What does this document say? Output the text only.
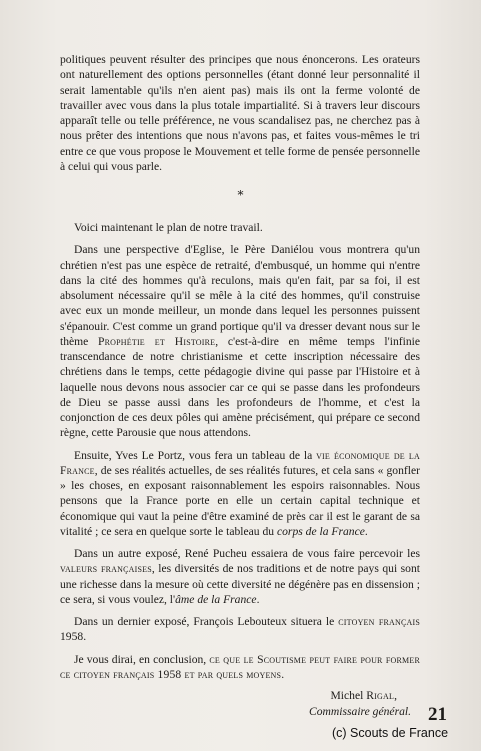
politiques peuvent résulter des principes que nous énoncerons. Les orateurs ont naturellement des options personnelles (étant donné leur personnalité il serait lamentable qu'ils n'en aient pas) mais ils ont la ferme volonté de travailler avec vous dans la plus totale impartialité. Si à travers leur discours apparaît telle ou telle préférence, ne vous scandalisez pas, ne cherchez pas à nous prêter des intentions que nous n'avons pas, et faites vous-mêmes le tri entre ce que vous propose le Mouvement et telle forme de pensée personnelle à celui qui vous parle.

*

Voici maintenant le plan de notre travail.

Dans une perspective d'Eglise, le Père Daniélou vous montrera qu'un chrétien n'est pas une espèce de retraité, d'embusqué, un homme qui n'entre dans la cité des hommes qu'à reculons, mais qu'en fait, par sa foi, il est absolument nécessaire qu'il se mêle à la cité des hommes, qu'il construise avec eux un monde meilleur, un monde dans lequel les personnes puissent s'épanouir. C'est comme un grand portique qu'il va dresser devant nous sur le thème Prophétie et Histoire, c'est-à-dire en même temps l'infinie transcendance de notre christianisme et cette inscription nécessaire des chrétiens dans le temps, cette pédagogie divine qui passe par l'Histoire et à laquelle nous devons nous associer car ce qui se passe dans les profondeurs de Dieu se passe aussi dans les profondeurs de l'homme, et c'est la conjonction de ces deux pôles qui amène précisément, qui prépare ce second règne, cette Parousie que nous attendons.

Ensuite, Yves Le Portz, vous fera un tableau de la vie économique de la France, de ses réalités actuelles, de ses réalités futures, et cela sans « gonfler » les choses, en exposant raisonnablement les espoirs raisonnables. Nous pensons que la France porte en elle un certain capital technique et économique qui vaut la peine d'être examiné de près car il est le garant de sa vitalité ; ce sera en quelque sorte le tableau du corps de la France.

Dans un autre exposé, René Pucheu essaiera de vous faire percevoir les valeurs françaises, les diversités de nos traditions et de notre pays qui sont une richesse dans la mesure où cette diversité ne dégénère pas en dissension ; ce sera, si vous voulez, l'âme de la France.

Dans un dernier exposé, François Lebouteux situera le citoyen français 1958.

Je vous dirai, en conclusion, ce que le Scoutisme peut faire pour former ce citoyen français 1958 et par quels moyens.

Michel Rigal,
Commissaire général. 21
(c) Scouts de France
